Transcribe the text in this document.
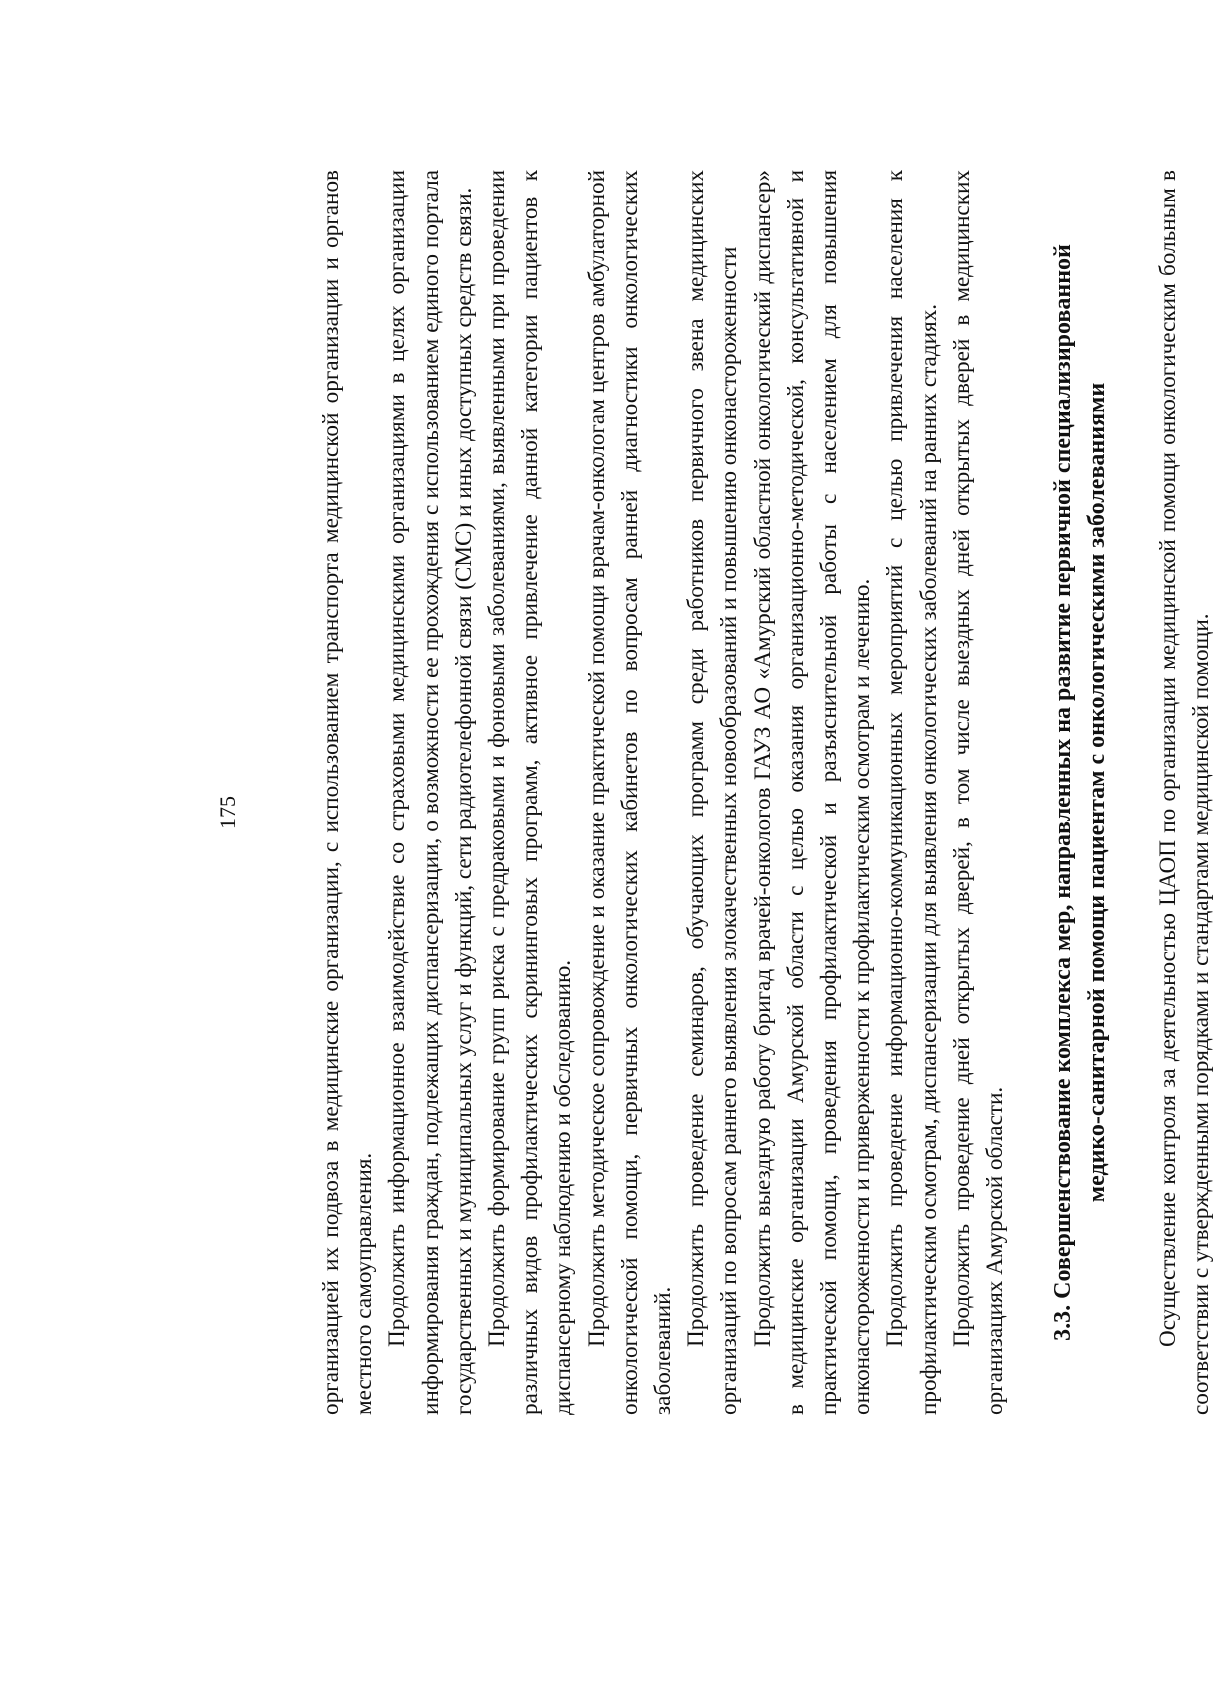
175	организацией их подвоза в медицинские организации, с использованием транспорта медицинской организации и органов местного самоуправления. Продолжить информационное взаимодействие со страховыми медицинскими организациями в целях организации информирования граждан, подлежащих диспансеризации, о возможности ее прохождения с использованием единого портала государственных и муниципальных услуг и функций, сети радиотелефонной связи (СМС) и иных доступных средств связи. Продолжить формирование групп риска с предраковыми и фоновыми заболеваниями, выявленными при проведении различных видов профилактических скрининговых программ, активное привлечение данной категории пациентов к диспансерному наблюдению и обследованию. Продолжить методическое сопровождение и оказание практической помощи врачам-онкологам центров амбулаторной онкологической помощи, первичных онкологических кабинетов по вопросам ранней диагностики онкологических заболеваний.

Продолжить проведение семинаров, обучающих программ среди работников первичного звена медицинских организаций по вопросам раннего выявления злокачественных новообразований и повышению онконастороженности Продолжить выездную работу бригад врачей-онкологов ГАУЗ АО «Амурский областной онкологический диспансер» в медицинские организации Амурской области с целью оказания организационно-методической, консультативной и практической помощи, проведения профилактической и разъяснительной работы с населением для повышения онконастороженности и приверженности к профилактическим осмотрам и лечению. Продолжить проведение информационно-коммуникационных мероприятий с целью привлечения населения к профилактическим осмотрам, диспансеризации для выявления онкологических заболеваний на ранних стадиях. Продолжить проведение дней открытых дверей, в том числе выездных дней открытых дверей в медицинских организациях Амурской области. 3.3. Совершенствование комплекса мер, направленных на развитие первичной специализированной медико-санитарной помощи пациентам с онкологическими заболеваниями Осуществление контроля за деятельностью ЦАОП по организации медицинской помощи онкологическим больным в соответствии с утвержденными порядками и стандартами медицинской помощи.
